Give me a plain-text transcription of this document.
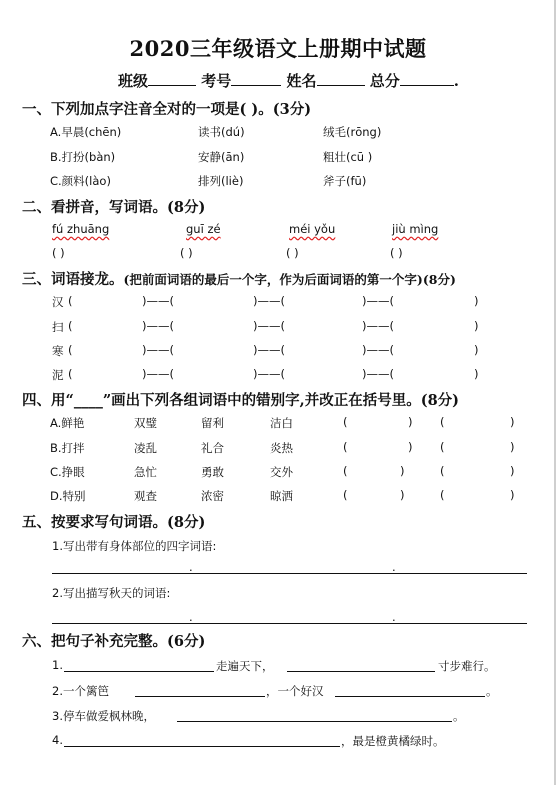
2020三年级语文上册期中试题
班级	考号	姓名	总分	.
一、下列加点字注音全对的一项是( )。(3分)
A.早晨(chēn)	读书(dú)	绒毛(rōng)
B.打扮(bàn)	安静(ān)	粗壮(cū )
C.颜料(lào)	排列(liè)	斧子(fū)
二、看拼音，写词语。(8分)
fú zhuāng	guī zé	méi yǒu	jiù mìng
( )	( )	( )	( )
三、词语接龙。(把前面词语的最后一个字，作为后面词语的第一个字)(8分)
汉 (	)——(	)——(	)——(	)
扫 (	)——(	)——(	)——(	)
寒 (	)——(	)——(	)——(	)
泥 (	)——(	)——(	)——(	)
四、用“____”画出下列各组词语中的错别字,并改正在括号里。(8分)
A.鲜艳	双璧	留利	洁白	(	) (	)
B.打拌	凌乱	礼合	炎热	(	) (	)
C.挣眼	急忙	勇敢	交外	(	)	(	)
D.特别	观查	浓密	晾洒	(	)	(	)
五、按要求写句词语。(8分)
1.写出带有身体部位的四字词语:
.	.
2.写出描写秋天的词语:
.	.
六、把句子补充完整。(6分)
1.	走遍天下，	寸步难行。
2.一个篱笆	，一个好汉	。
3.停车做爱枫林晚，	。
4.	，最是橙黄橘绿时。
